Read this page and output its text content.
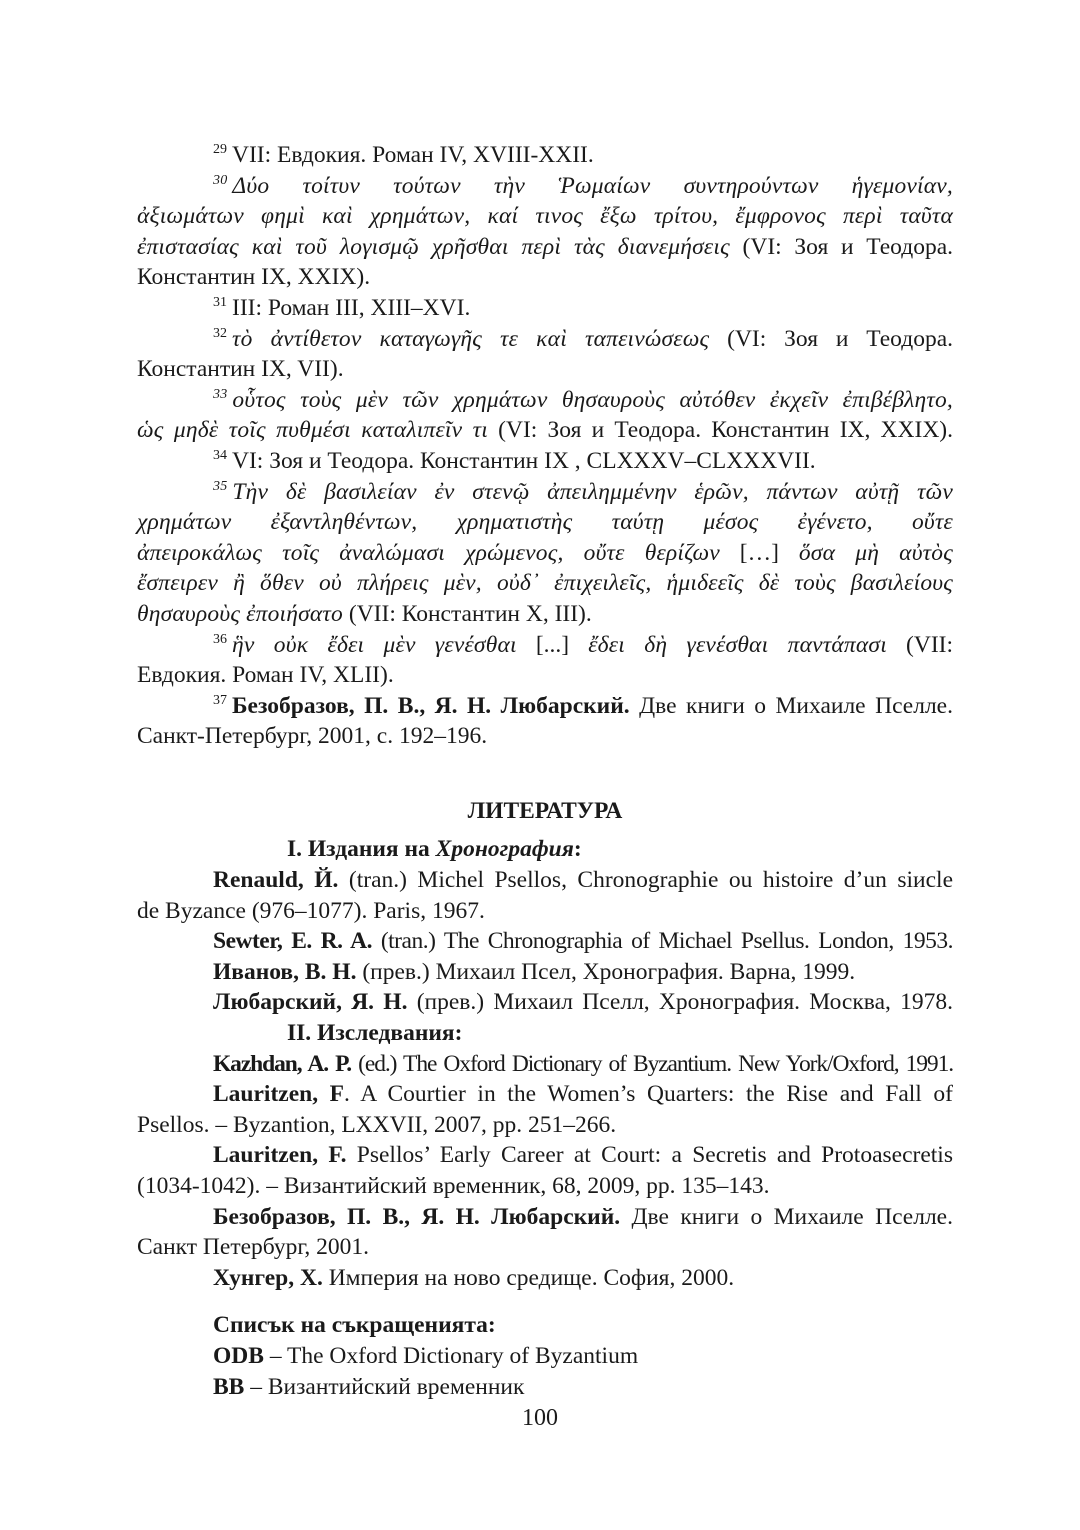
$^{29}$ VII: Евдокия. Роман IV, XVIII-XXII.

$^{30}$ Δύο τοίτυν τούτων τὴν Ῥωμαίων συντηρούντων ἡγεμονίαν,

ἀξιωμάτων φημὶ καὶ χρημάτων, καί τινος ἔξω τρίτου, ἔμφρονος περὶ ταῦτα

ἐπιστασίας καὶ τοῦ λογισμῷ χρῆσθαι περὶ τὰς διανεμήσεις (VI: Зоя и Теодора.

Константин IX, XXIX).

$^{31}$ III: Роман III, XIII–XVI.

$^{32}$ τὸ ἀντίθετον καταγωγῆς τε καὶ ταπεινώσεως (VI: Зоя и Теодора.

Константин IX, VII).

$^{33}$ οὗτος τοὺς μὲν τῶν χρημάτων θησαυροὺς αὐτόθεν ἐκχεῖν ἐπιβέβλητο,

ὡς μηδὲ τοῖς πυθμέσι καταλιπεῖν τι (VI: Зоя и Теодора. Константин IX, XXIX).

$^{34}$ VI: Зоя и Теодора. Константин IX , CLXXXV–CLXXXVII.

$^{35}$ Τὴν δὲ βασιλείαν ἐν στενῷ ἀπειλημμένην ἑρῶν, πάντων αὐτῇ τῶν

χρημάτων ἐξαντληθέντων, χρηματιστὴς ταύτῃ μέσος ἐγένετο, οὔτε

ἀπειροκάλως τοῖς ἀναλώμασι χρώμενος, οὔτε θερίζων […] ὅσα μὴ αὐτὸς

ἔσπειρεν ἢ ὅθεν οὐ πλήρεις μὲν, οὐδ᾽ ἐπιχειλεῖς, ἡμιδεεῖς δὲ τοὺς βασιλείους

θησαυροὺς ἐποιήσατο (VII: Константин X, III).

$^{36}$ ἣν οὐκ ἔδει μὲν γενέσθαι [...] ἔδει δὴ γενέσθαι παντάπασι (VII:

Евдокия. Роман IV, XLII).

$^{37}$ Безобразов, П. В., Я. Н. Любарский. Две книги о Михаиле Пселле.

Санкт-Петербург, 2001, с. 192–196.

ЛИТЕРАТУРА

I. Издания на Хронография:

Renauld, Й. (tran.) Michel Psellos, Chronographie ou histoire d’un siиcle

de Byzance (976–1077). Paris, 1967.

Sewter, E. R. A. (tran.) The Chronographia of Michael Psellus. London, 1953.

Иванов, В. Н. (прев.) Михаил Псел, Хронография. Варна, 1999.

Любарский, Я. Н. (прев.) Михаил Пселл, Хронография. Москва, 1978.

II. Изследвания:

Kazhdan, A. P. (ed.) The Oxford Dictionary of Byzantium. New York/Oxford, 1991.

Lauritzen, F. A Courtier in the Women’s Quarters: the Rise and Fall of

Psellos. – Byzantion, LXXVII, 2007, pp. 251–266.

Lauritzen, F. Psellos’ Early Career at Court: a Secretis and Protoasecretis

(1034-1042). – Византийский временник, 68, 2009, pp. 135–143.

Безобразов, П. В., Я. Н. Любарский. Две книги о Михаиле Пселле.

Санкт Петербург, 2001.

Хунгер, Х. Империя на ново средище. София, 2000.

Списък на съкращенията:

ODB – The Oxford Dictionary of Byzantium

BB – Византийский временник

100
